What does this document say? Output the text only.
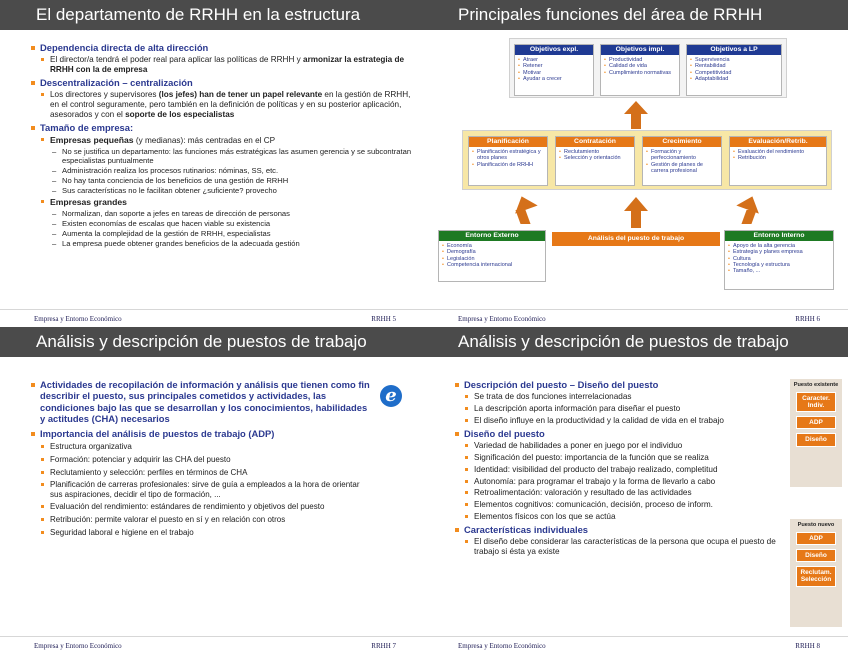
El departamento de RRHH en la estructura
Dependencia directa de alta dirección
El director/a tendrá el poder real para aplicar las políticas de RRHH y armonizar la estrategia de RRHH con la de empresa
Descentralización – centralización
Los directores y supervisores (los jefes) han de tener un papel relevante en la gestión de RRHH, en el control seguramente, pero también en la definición de políticas y en su posterior aplicación, asesorados y con el soporte de los especialistas
Tamaño de empresa:
Empresas pequeñas (y medianas): más centradas en el CP
– No se justifica un departamento: las funciones más estratégicas las asumen gerencia y se subcontratan especialistas puntualmente
– Administración realiza los procesos rutinarios: nóminas, SS, etc.
– No hay tanta conciencia de los beneficios de una gestión de RRHH
– Sus características no le facilitan obtener ¿suficiente? provecho
Empresas grandes
– Normalizan, dan soporte a jefes en tareas de dirección de personas
– Existen economías de escalas que hacen viable su existencia
– Aumenta la complejidad de la gestión de RRHH, especialistas
– La empresa puede obtener grandes beneficios de la adecuada gestión
Empresa y Entorno Económico	RRHH 5
Principales funciones del área de RRHH
Objetivos expl.
• Atraer
• Retener
• Motivar
• Ayudar a crecer
Objetivos impl.
• Productividad
• Calidad de vida
• Cumplimiento normativas
Objetivos a LP
• Supervivencia
• Rentabilidad
• Competitividad
• Adaptabilidad
Planificación
• Planificación estratégica y otros planes
• Planificación de RRHH
Contratación
• Reclutamiento
• Selección y orientación
Crecimiento
• Formación y perfeccionamiento
• Gestión de planes de carrera profesional
Evaluación/Retrib.
• Evaluación del rendimiento
• Retribución
Entorno Externo
• Economía
• Demografía
• Legislación
• Competencia internacional
Análisis del puesto de trabajo	Entorno Interno
• Apoyo de la alta gerencia
• Estrategia y planes empresa
• Cultura
• Tecnología y estructura
• Tamaño, ...
Empresa y Entorno Económico	RRHH 6
Análisis y descripción de puestos de trabajo
e
Actividades de recopilación de información y análisis que tienen como fin describir el puesto, sus principales cometidos y actividades, las condiciones bajo las que se desarrollan y los conocimientos, habilidades y actitudes (CHA) necesarios
Importancia del análisis de puestos de trabajo (ADP)
Estructura organizativa
Formación: potenciar y adquirir las CHA del puesto
Reclutamiento y selección: perfiles en términos de CHA
Planificación de carreras profesionales: sirve de guía a empleados a la hora de orientar sus aspiraciones, decidir el tipo de formación, ...
Evaluación del rendimiento: estándares de rendimiento y objetivos del puesto
Retribución: permite valorar el puesto en sí y en relación con otros
Seguridad laboral e higiene en el trabajo
Empresa y Entorno Económico	RRHH 7
Análisis y descripción de puestos de trabajo
Descripción del puesto – Diseño del puesto
Se trata de dos funciones interrelacionadas
La descripción aporta información para diseñar el puesto
El diseño influye en la productividad y la calidad de vida en el trabajo
Diseño del puesto
Variedad de habilidades a poner en juego por el individuo
Significación del puesto: importancia de la función que se realiza
Identidad: visibilidad del producto del trabajo realizado, completitud
Autonomía: para programar el trabajo y la forma de llevarlo a cabo
Retroalimentación: valoración y resultado de las actividades
Elementos cognitivos: comunicación, decisión, proceso de inform.
Elementos físicos con los que se actúa
Características individuales
El diseño debe considerar las características de la persona que ocupa el puesto de trabajo si ésta ya existe
Puesto existente
Caracter. Indiv.
ADP
Diseño
Puesto nuevo
ADP
Diseño
Reclutam. Selección
Empresa y Entorno Económico	RRHH 8
